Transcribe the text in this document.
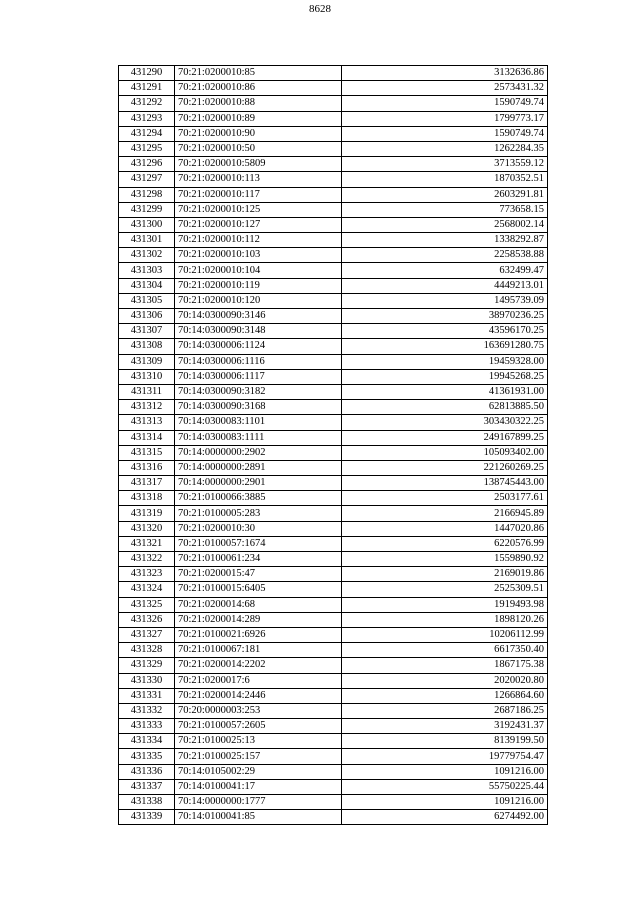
8628
431290	70:21:0200010:85	3132636.86
431291	70:21:0200010:86	2573431.32
431292	70:21:0200010:88	1590749.74
431293	70:21:0200010:89	1799773.17
431294	70:21:0200010:90	1590749.74
431295	70:21:0200010:50	1262284.35
431296	70:21:0200010:5809	3713559.12
431297	70:21:0200010:113	1870352.51
431298	70:21:0200010:117	2603291.81
431299	70:21:0200010:125	773658.15
431300	70:21:0200010:127	2568002.14
431301	70:21:0200010:112	1338292.87
431302	70:21:0200010:103	2258538.88
431303	70:21:0200010:104	632499.47
431304	70:21:0200010:119	4449213.01
431305	70:21:0200010:120	1495739.09
431306	70:14:0300090:3146	38970236.25
431307	70:14:0300090:3148	43596170.25
431308	70:14:0300006:1124	163691280.75
431309	70:14:0300006:1116	19459328.00
431310	70:14:0300006:1117	19945268.25
431311	70:14:0300090:3182	41361931.00
431312	70:14:0300090:3168	62813885.50
431313	70:14:0300083:1101	303430322.25
431314	70:14:0300083:1111	249167899.25
431315	70:14:0000000:2902	105093402.00
431316	70:14:0000000:2891	221260269.25
431317	70:14:0000000:2901	138745443.00
431318	70:21:0100066:3885	2503177.61
431319	70:21:0100005:283	2166945.89
431320	70:21:0200010:30	1447020.86
431321	70:21:0100057:1674	6220576.99
431322	70:21:0100061:234	1559890.92
431323	70:21:0200015:47	2169019.86
431324	70:21:0100015:6405	2525309.51
431325	70:21:0200014:68	1919493.98
431326	70:21:0200014:289	1898120.26
431327	70:21:0100021:6926	10206112.99
431328	70:21:0100067:181	6617350.40
431329	70:21:0200014:2202	1867175.38
431330	70:21:0200017:6	2020020.80
431331	70:21:0200014:2446	1266864.60
431332	70:20:0000003:253	2687186.25
431333	70:21:0100057:2605	3192431.37
431334	70:21:0100025:13	8139199.50
431335	70:21:0100025:157	19779754.47
431336	70:14:0105002:29	1091216.00
431337	70:14:0100041:17	55750225.44
431338	70:14:0000000:1777	1091216.00
431339	70:14:0100041:85	6274492.00
